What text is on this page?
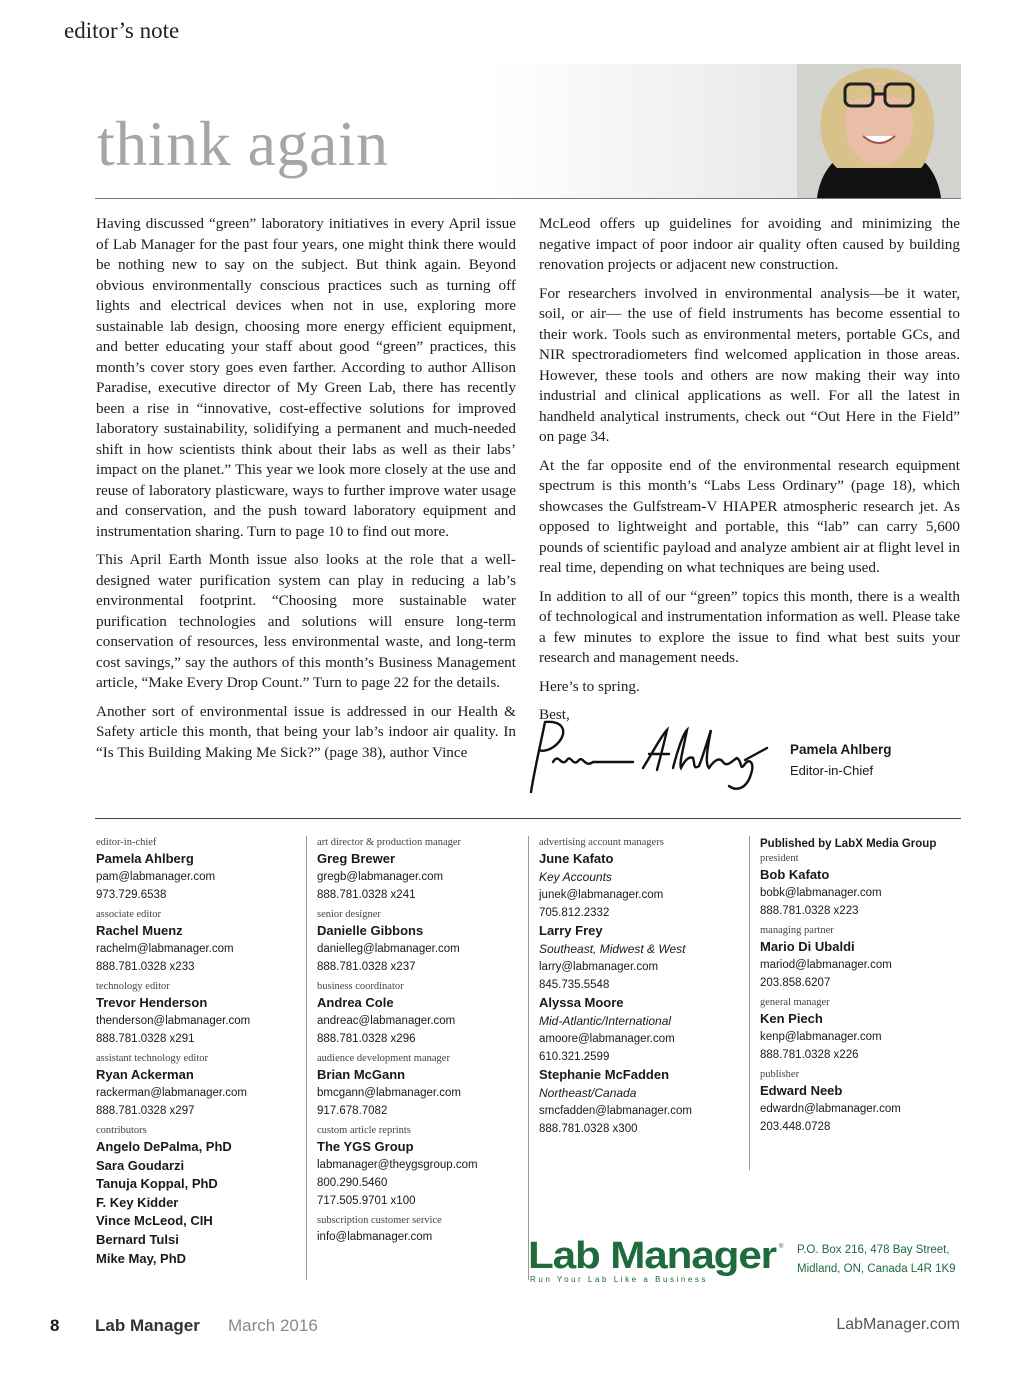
editor’s note
think again

Having discussed “green” laboratory initiatives in every April issue of Lab Manager for the past four years, one might think there would be nothing new to say on the subject. But think again. Beyond obvious environmentally conscious practices such as turning off lights and electrical devices when not in use, exploring more sustainable lab design, choosing more energy efficient equipment, and better educating your staff about good “green” practices, this month’s cover story goes even farther. According to author Allison Paradise, executive director of My Green Lab, there has recently been a rise in “innovative, cost-effective solutions for improved laboratory sustainability, solidifying a permanent and much-needed shift in how scientists think about their labs as well as their labs’ impact on the planet.” This year we look more closely at the use and reuse of laboratory plasticware, ways to further improve water usage and conservation, and the push toward laboratory equipment and instrumentation sharing. Turn to page 10 to find out more.

This April Earth Month issue also looks at the role that a well-designed water purification system can play in reducing a lab’s environmental footprint. “Choosing more sustainable water purification technologies and solutions will ensure long-term conservation of resources, less environmental waste, and long-term cost savings,” say the authors of this month’s Business Management article, “Make Every Drop Count.” Turn to page 22 for the details.

Another sort of environmental issue is addressed in our Health & Safety article this month, that being your lab’s indoor air quality. In “Is This Building Making Me Sick?” (page 38), author Vince

McLeod offers up guidelines for avoiding and minimizing the negative impact of poor indoor air quality often caused by building renovation projects or adjacent new construction.

For researchers involved in environmental analysis—be it water, soil, or air— the use of field instruments has become essential to their work. Tools such as environmental meters, portable GCs, and NIR spectroradiometers find welcomed application in those areas. However, these tools and others are now making their way into industrial and clinical applications as well. For all the latest in handheld analytical instruments, check out “Out Here in the Field” on page 34.

At the far opposite end of the environmental research equipment spectrum is this month’s “Labs Less Ordinary” (page 18), which showcases the Gulfstream-V HIAPER atmospheric research jet. As opposed to lightweight and portable, this “lab” can carry 5,600 pounds of scientific payload and analyze ambient air at flight level in real time, depending on what techniques are being used.

In addition to all of our “green” topics this month, there is a wealth of technological and instrumentation information as well. Please take a few minutes to explore the issue to find what best suits your research and management needs.

Here’s to spring.

Best,

Pamela Ahlberg
Editor-in-Chief
editor-in-chief
Pamela Ahlberg
pam@labmanager.com
973.729.6538
associate editor
Rachel Muenz
rachelm@labmanager.com
888.781.0328 x233
technology editor
Trevor Henderson
thenderson@labmanager.com
888.781.0328 x291
assistant technology editor
Ryan Ackerman
rackerman@labmanager.com
888.781.0328 x297
contributors
Angelo DePalma, PhD
Sara Goudarzi
Tanuja Koppal, PhD
F. Key Kidder
Vince McLeod, CIH
Bernard Tulsi
Mike May, PhD
art director & production manager
Greg Brewer
gregb@labmanager.com
888.781.0328 x241
senior designer
Danielle Gibbons
danielleg@labmanager.com
888.781.0328 x237
business coordinator
Andrea Cole
andreac@labmanager.com
888.781.0328 x296
audience development manager
Brian McGann
bmcgann@labmanager.com
917.678.7082
custom article reprints
The YGS Group
labmanager@theygsgroup.com
800.290.5460
717.505.9701 x100
subscription customer service
info@labmanager.com
advertising account managers
June Kafato
Key Accounts
junek@labmanager.com
705.812.2332
Larry Frey
Southeast, Midwest & West
larry@labmanager.com
845.735.5548
Alyssa Moore
Mid-Atlantic/International
amoore@labmanager.com
610.321.2599
Stephanie McFadden
Northeast/Canada
smcfadden@labmanager.com
888.781.0328 x300
Published by LabX Media Group
president
Bob Kafato
bobk@labmanager.com
888.781.0328 x223
managing partner
Mario Di Ubaldi
mariod@labmanager.com
203.858.6207
general manager
Ken Piech
kenp@labmanager.com
888.781.0328 x226
publisher
Edward Neeb
edwardn@labmanager.com
203.448.0728
Lab Manager ®
Run Your Lab Like a Business
P.O. Box 216, 478 Bay Street,
Midland, ON, Canada L4R 1K9
8 Lab Manager March 2016	LabManager.com
